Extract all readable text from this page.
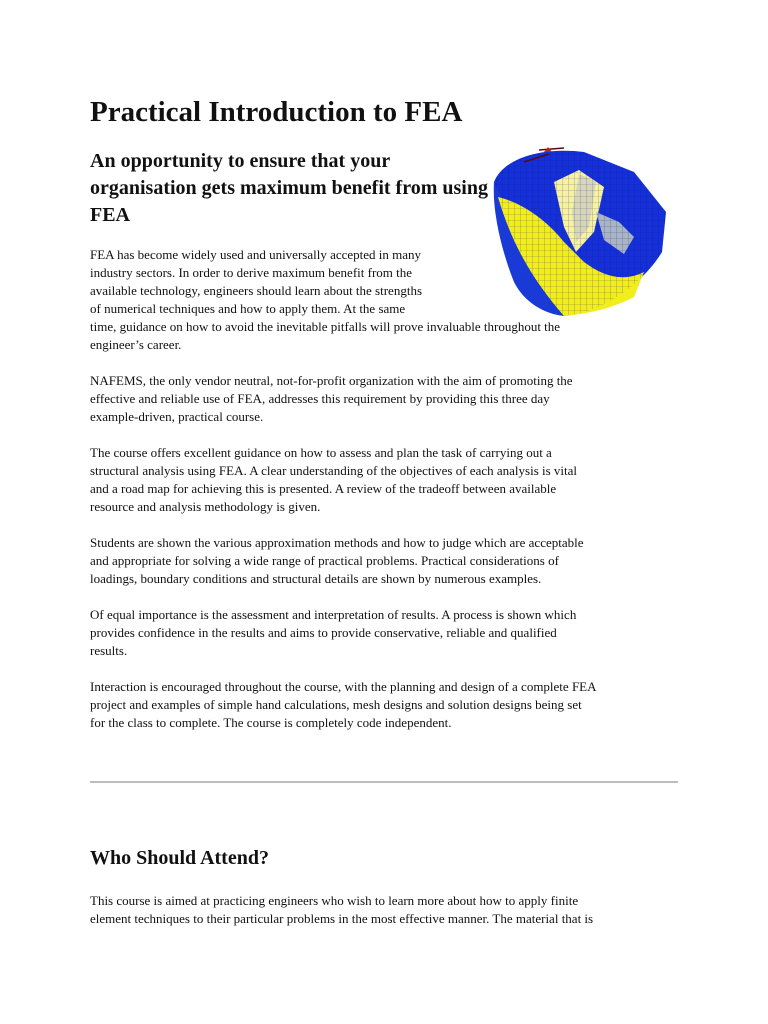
Practical Introduction to FEA
An opportunity to ensure that your organisation gets maximum benefit from using FEA

FEA has become widely used and universally accepted in many
industry sectors. In order to derive maximum benefit from the
available technology, engineers should learn about the strengths
of numerical techniques and how to apply them. At the same

time, guidance on how to avoid the inevitable pitfalls will prove invaluable throughout the
engineer’s career.

NAFEMS, the only vendor neutral, not-for-profit organization with the aim of promoting the
effective and reliable use of FEA, addresses this requirement by providing this three day
example-driven, practical course.

The course offers excellent guidance on how to assess and plan the task of carrying out a
structural analysis using FEA. A clear understanding of the objectives of each analysis is vital
and a road map for achieving this is presented. A review of the tradeoff between available
resource and analysis methodology is given.

Students are shown the various approximation methods and how to judge which are acceptable
and appropriate for solving a wide range of practical problems. Practical considerations of
loadings, boundary conditions and structural details are shown by numerous examples.

Of equal importance is the assessment and interpretation of results. A process is shown which
provides confidence in the results and aims to provide conservative, reliable and qualified
results.

Interaction is encouraged throughout the course, with the planning and design of a complete FEA
project and examples of simple hand calculations, mesh designs and solution designs being set
for the class to complete. The course is completely code independent.

Who Should Attend?

This course is aimed at practicing engineers who wish to learn more about how to apply finite
element techniques to their particular problems in the most effective manner. The material that is
